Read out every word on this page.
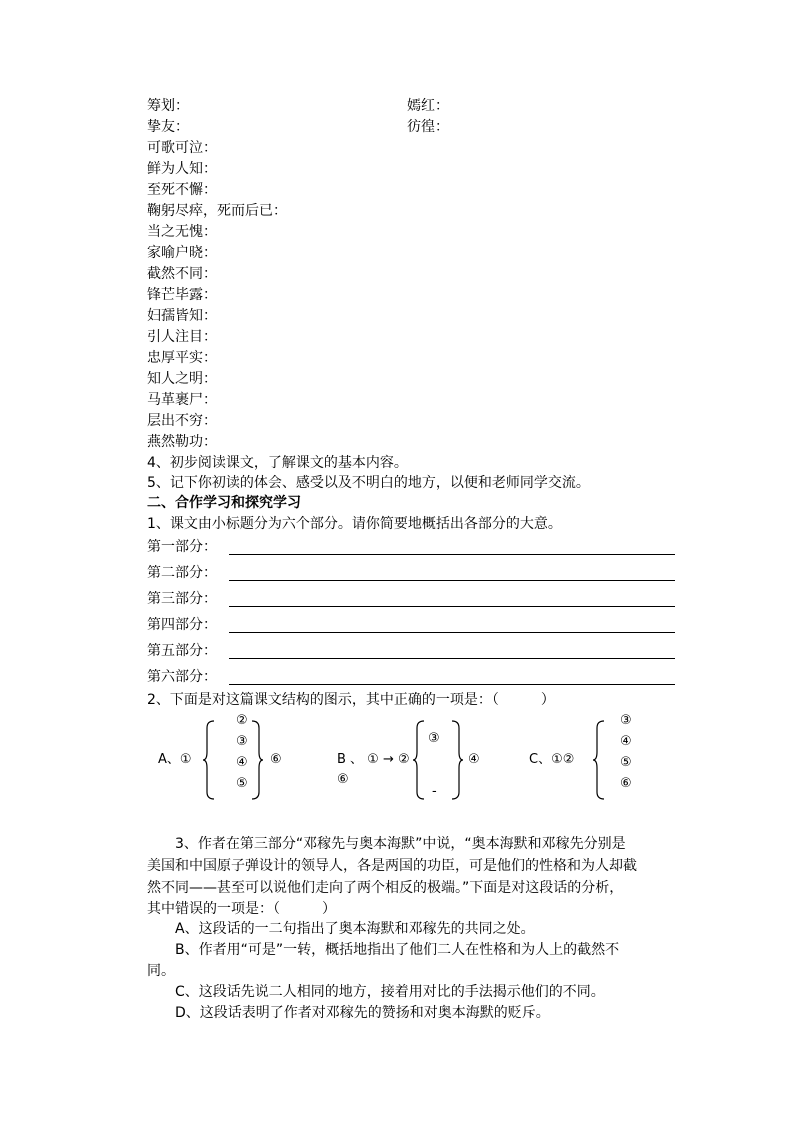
筹划：	嫣红：
挚友：	彷徨：
可歌可泣：
鲜为人知：
至死不懈：
鞠躬尽瘁，死而后已：
当之无愧：
家喻户晓：
截然不同：
锋芒毕露：
妇孺皆知：
引人注目：
忠厚平实：
知人之明：
马革裹尸：
层出不穷：
燕然勒功：
4、初步阅读课文，了解课文的基本内容。
5、记下你初读的体会、感受以及不明白的地方，以便和老师同学交流。
二、合作学习和探究学习
1、课文由小标题分为六个部分。请你简要地概括出各部分的大意。
第一部分：
第二部分：
第三部分：
第四部分：
第五部分：
第六部分：
2、下面是对这篇课文结构的图示，其中正确的一项是：（　　　）
A、①
②
③
④
⑤
⑥	B 、 ① → ②
⑥
③
-
④	C、①②
③
④
⑤
⑥
　　3、作者在第三部分“邓稼先与奥本海默”中说，“奥本海默和邓稼先分别是
美国和中国原子弹设计的领导人，各是两国的功臣，可是他们的性格和为人却截
然不同——甚至可以说他们走向了两个相反的极端。”下面是对这段话的分析，
其中错误的一项是：（　　　）
　　A、这段话的一二句指出了奥本海默和邓稼先的共同之处。
　　B、作者用“可是”一转，概括地指出了他们二人在性格和为人上的截然不
同。
　　C、这段话先说二人相同的地方，接着用对比的手法揭示他们的不同。
　　D、这段话表明了作者对邓稼先的赞扬和对奥本海默的贬斥。
